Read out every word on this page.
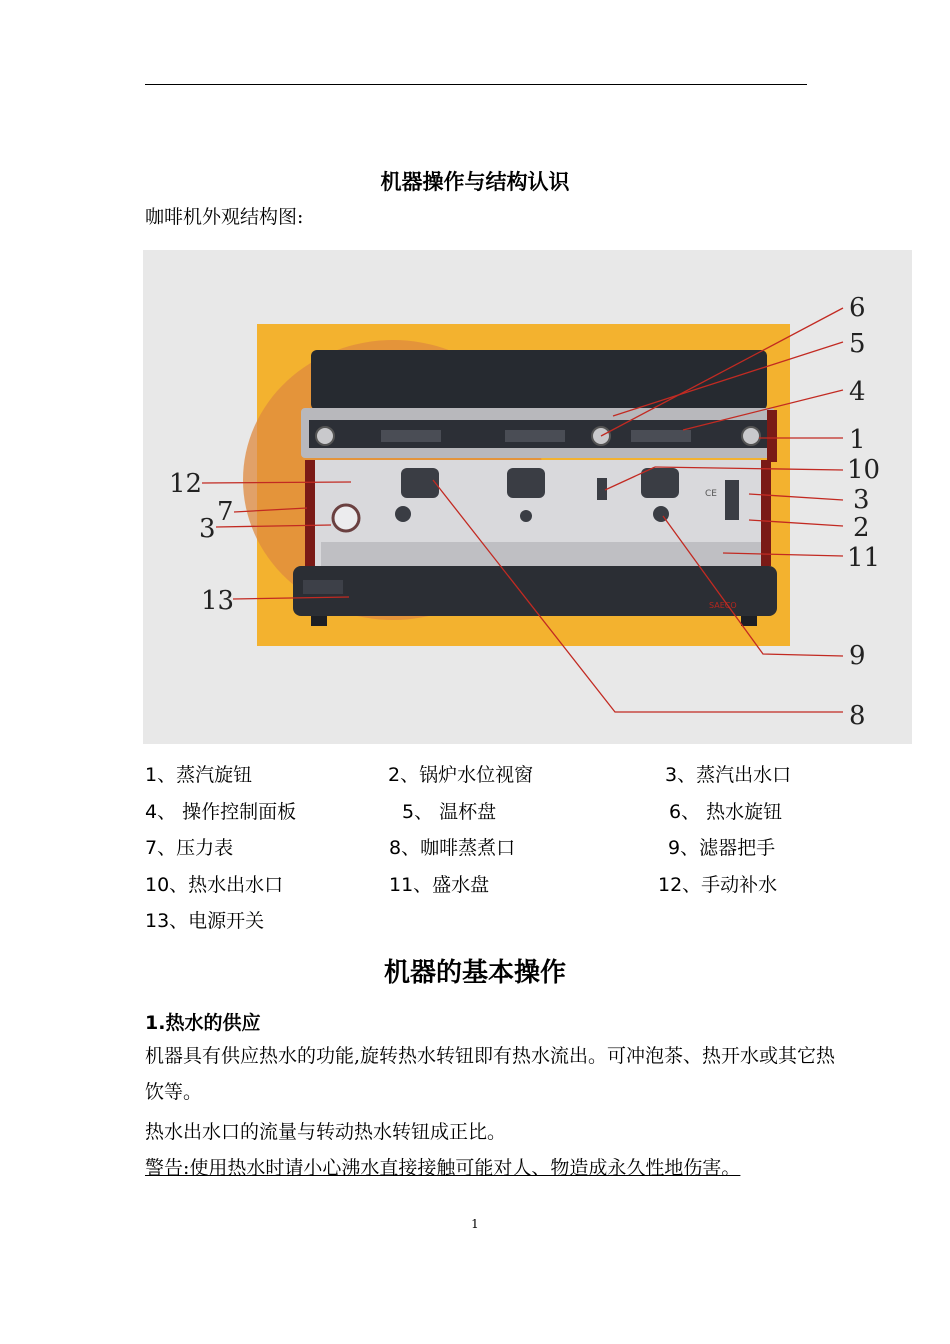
机器操作与结构认识
咖啡机外观结构图:
CE
SAECO
6
5
4
1
10
3
2
11
9
8
12
7
3
13
1、蒸汽旋钮	2、锅炉水位视窗	3、蒸汽出水口
4、 操作控制面板	5、 温杯盘	6、 热水旋钮
7、压力表	8、咖啡蒸煮口	9、滤器把手
10、热水出水口	11、盛水盘	12、手动补水
13、电源开关
机器的基本操作
1.热水的供应
机器具有供应热水的功能,旋转热水转钮即有热水流出。可冲泡茶、热开水或其它热饮等。
热水出水口的流量与转动热水转钮成正比。
警告:使用热水时请小心沸水直接接触可能对人、物造成永久性地伤害。
1
